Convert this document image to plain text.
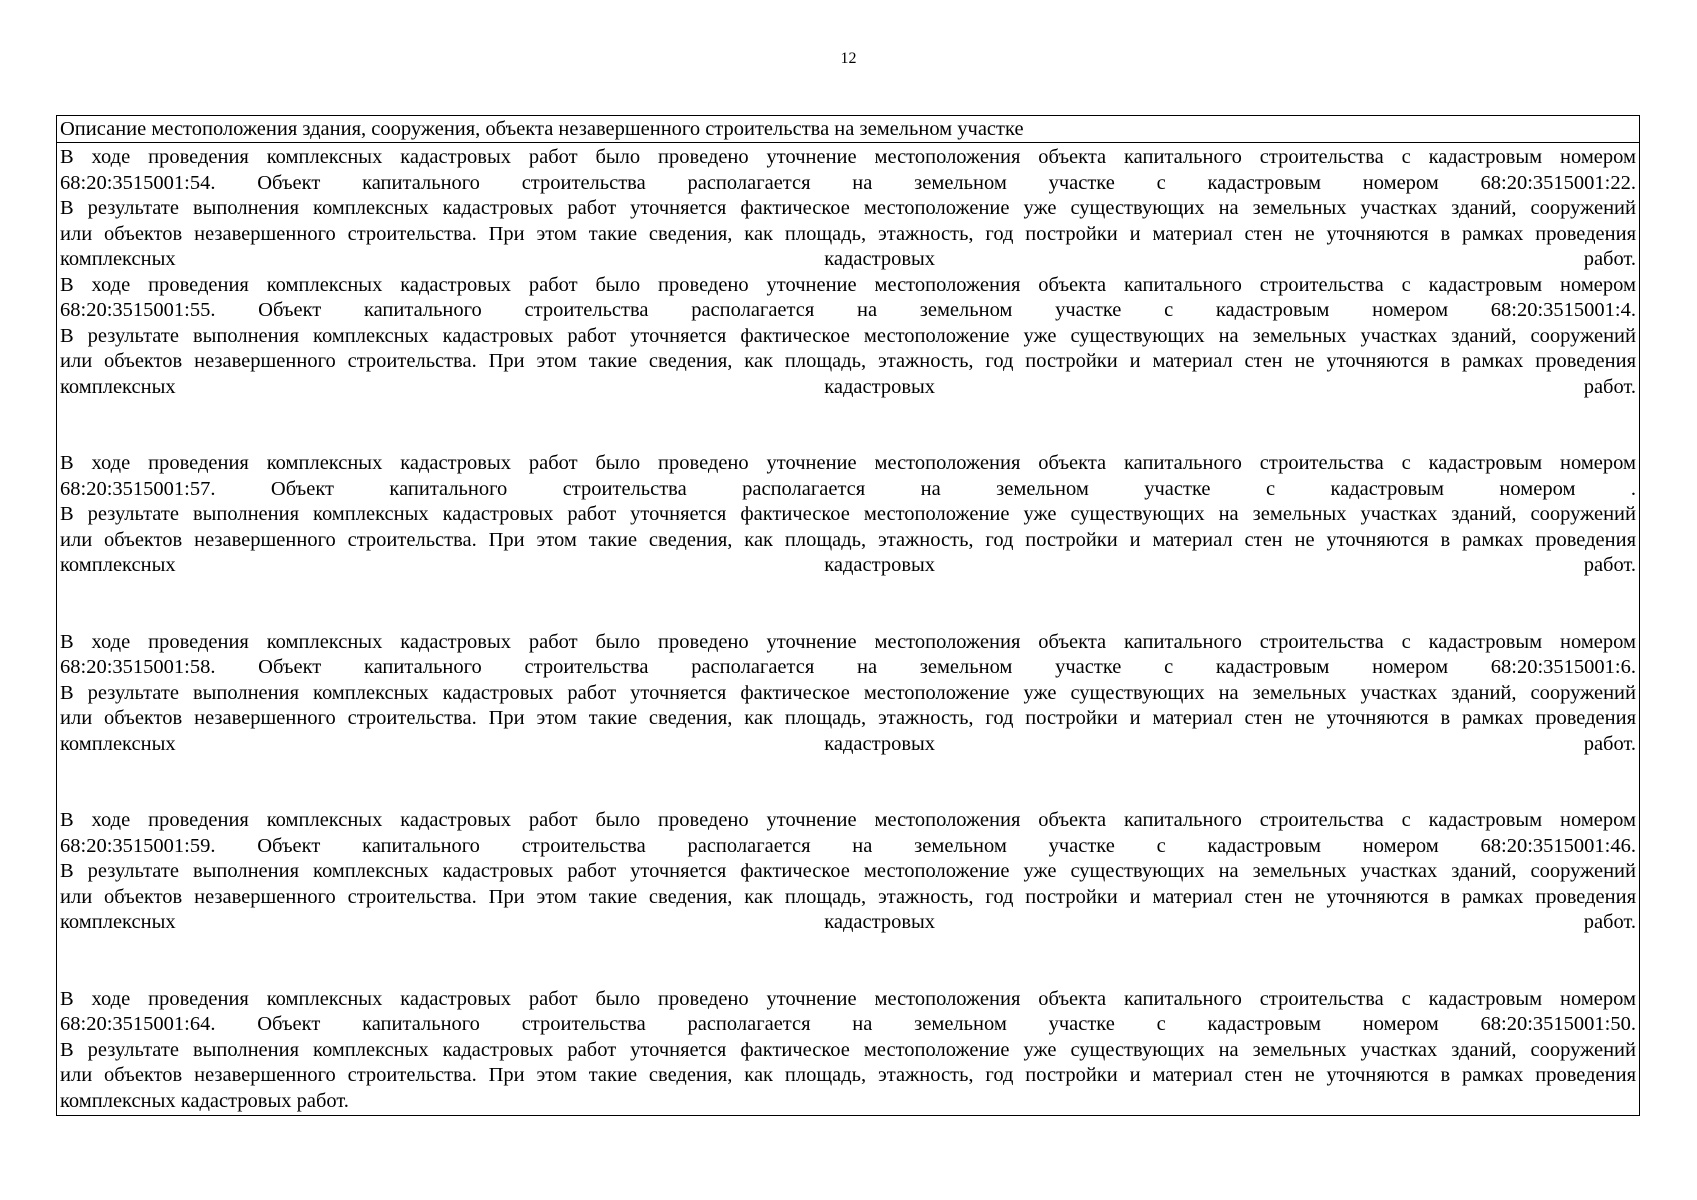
12
Описание местоположения здания, сооружения, объекта незавершенного строительства на земельном участке
В ходе проведения комплексных кадастровых работ было проведено уточнение местоположения объекта капитального строительства с кадастровым номером
68:20:3515001:54. Объект капитального строительства располагается на земельном участке с кадастровым номером 68:20:3515001:22.
В результате выполнения комплексных кадастровых работ уточняется фактическое местоположение уже существующих на земельных участках зданий, сооружений
или объектов незавершенного строительства. При этом такие сведения, как площадь, этажность, год постройки и материал стен не уточняются в рамках проведения
комплексных кадастровых работ.
В ходе проведения комплексных кадастровых работ было проведено уточнение местоположения объекта капитального строительства с кадастровым номером
68:20:3515001:55. Объект капитального строительства располагается на земельном участке с кадастровым номером 68:20:3515001:4.
В результате выполнения комплексных кадастровых работ уточняется фактическое местоположение уже существующих на земельных участках зданий, сооружений
или объектов незавершенного строительства. При этом такие сведения, как площадь, этажность, год постройки и материал стен не уточняются в рамках проведения
комплексных кадастровых работ.
В ходе проведения комплексных кадастровых работ было проведено уточнение местоположения объекта капитального строительства с кадастровым номером
68:20:3515001:57. Объект капитального строительства располагается на земельном участке с кадастровым номером .
В результате выполнения комплексных кадастровых работ уточняется фактическое местоположение уже существующих на земельных участках зданий, сооружений
или объектов незавершенного строительства. При этом такие сведения, как площадь, этажность, год постройки и материал стен не уточняются в рамках проведения
комплексных кадастровых работ.
В ходе проведения комплексных кадастровых работ было проведено уточнение местоположения объекта капитального строительства с кадастровым номером
68:20:3515001:58. Объект капитального строительства располагается на земельном участке с кадастровым номером 68:20:3515001:6.
В результате выполнения комплексных кадастровых работ уточняется фактическое местоположение уже существующих на земельных участках зданий, сооружений
или объектов незавершенного строительства. При этом такие сведения, как площадь, этажность, год постройки и материал стен не уточняются в рамках проведения
комплексных кадастровых работ.
В ходе проведения комплексных кадастровых работ было проведено уточнение местоположения объекта капитального строительства с кадастровым номером
68:20:3515001:59. Объект капитального строительства располагается на земельном участке с кадастровым номером 68:20:3515001:46.
В результате выполнения комплексных кадастровых работ уточняется фактическое местоположение уже существующих на земельных участках зданий, сооружений
или объектов незавершенного строительства. При этом такие сведения, как площадь, этажность, год постройки и материал стен не уточняются в рамках проведения
комплексных кадастровых работ.
В ходе проведения комплексных кадастровых работ было проведено уточнение местоположения объекта капитального строительства с кадастровым номером
68:20:3515001:64. Объект капитального строительства располагается на земельном участке с кадастровым номером 68:20:3515001:50.
В результате выполнения комплексных кадастровых работ уточняется фактическое местоположение уже существующих на земельных участках зданий, сооружений
или объектов незавершенного строительства. При этом такие сведения, как площадь, этажность, год постройки и материал стен не уточняются в рамках проведения
комплексных кадастровых работ.
